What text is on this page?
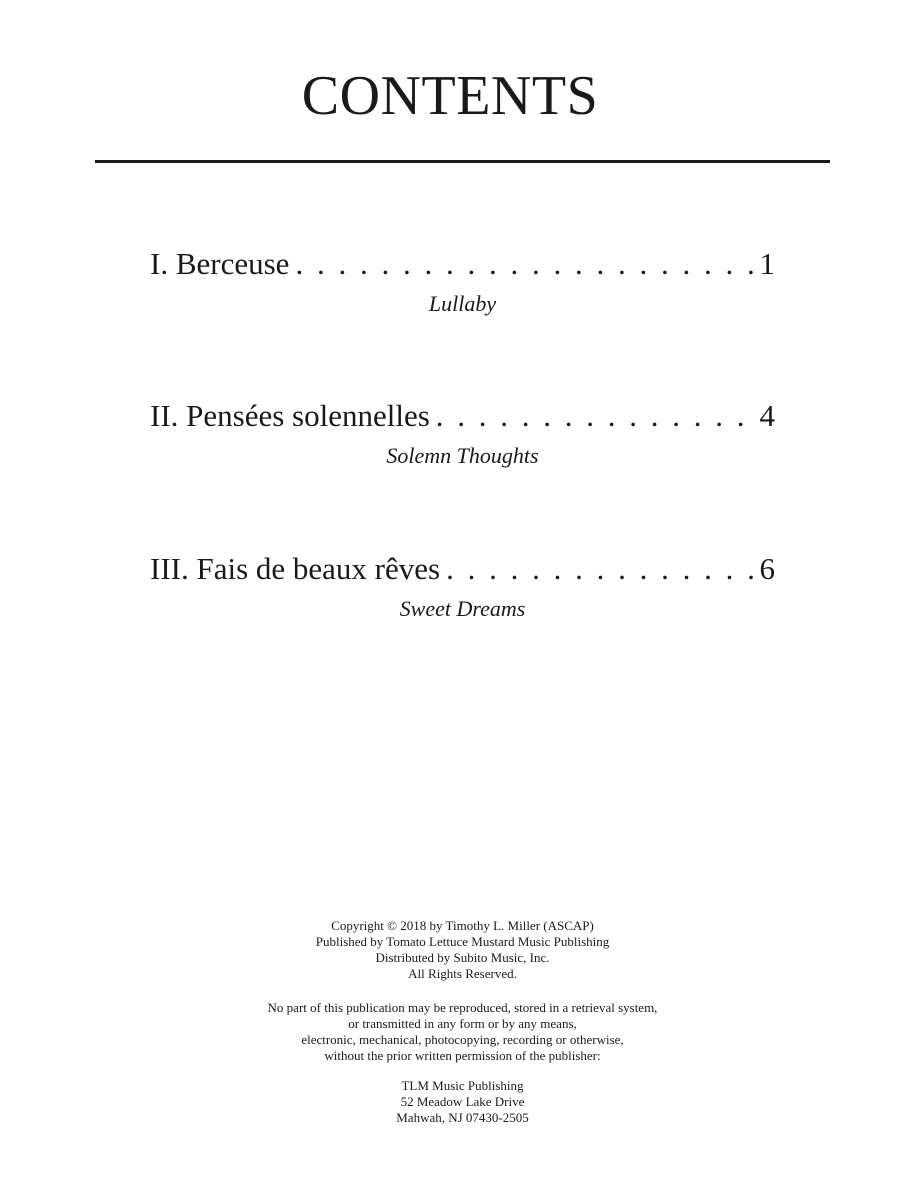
CONTENTS
I. Berceuse . . .	1
Lullaby
II. Pensées solennelles . . .	4
Solemn Thoughts
III. Fais de beaux rêves . . .	6
Sweet Dreams
Copyright © 2018 by Timothy L. Miller (ASCAP)
Published by Tomato Lettuce Mustard Music Publishing
Distributed by Subito Music, Inc.
All Rights Reserved.
No part of this publication may be reproduced, stored in a retrieval system,
or transmitted in any form or by any means,
electronic, mechanical, photocopying, recording or otherwise,
without the prior written permission of the publisher:
TLM Music Publishing
52 Meadow Lake Drive
Mahwah, NJ 07430-2505
